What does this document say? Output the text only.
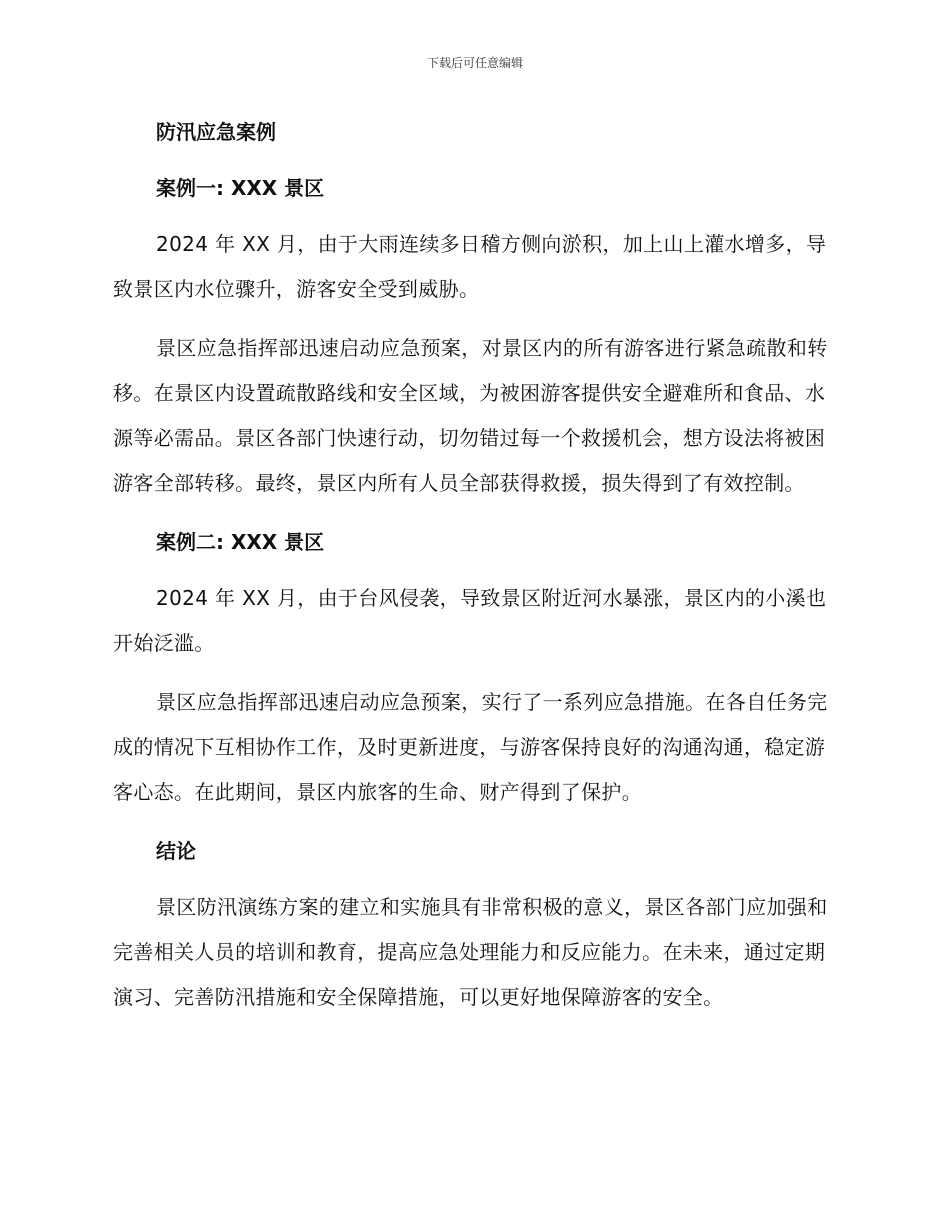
下载后可任意编辑
防汛应急案例
案例一: XXX 景区

2024 年 XX 月，由于大雨连续多日稽方侧向淤积，加上山上灌水增多，导致景区内水位骤升，游客安全受到威胁。

景区应急指挥部迅速启动应急预案，对景区内的所有游客进行紧急疏散和转移。在景区内设置疏散路线和安全区域，为被困游客提供安全避难所和食品、水源等必需品。景区各部门快速行动，切勿错过每一个救援机会，想方设法将被困游客全部转移。最终，景区内所有人员全部获得救援，损失得到了有效控制。

案例二: XXX 景区

2024 年 XX 月，由于台风侵袭，导致景区附近河水暴涨，景区内的小溪也开始泛滥。

景区应急指挥部迅速启动应急预案，实行了一系列应急措施。在各自任务完成的情况下互相协作工作，及时更新进度，与游客保持良好的沟通沟通，稳定游客心态。在此期间，景区内旅客的生命、财产得到了保护。

结论

景区防汛演练方案的建立和实施具有非常积极的意义，景区各部门应加强和完善相关人员的培训和教育，提高应急处理能力和反应能力。在未来，通过定期演习、完善防汛措施和安全保障措施，可以更好地保障游客的安全。
